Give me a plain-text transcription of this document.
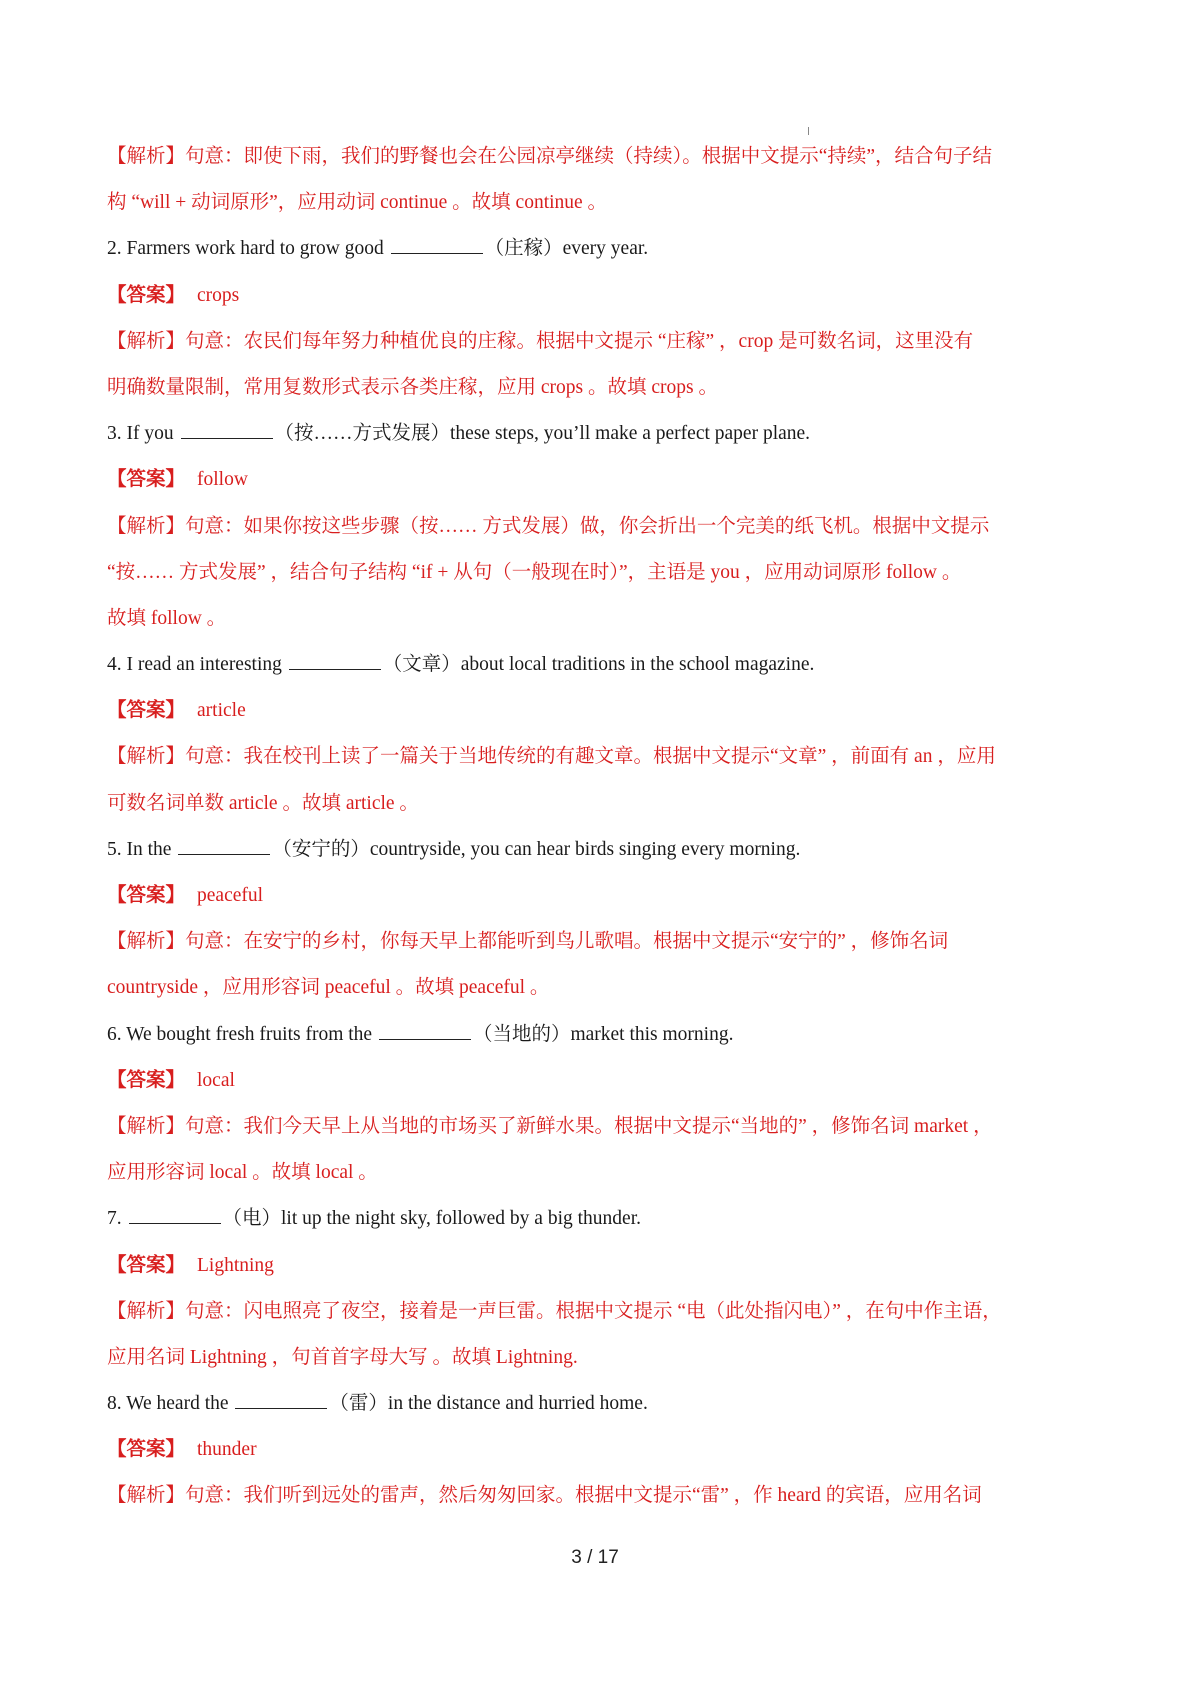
【解析】句意：即使下雨，我们的野餐也会在公园凉亭继续（持续）。根据中文提示“持续”，结合句子结
构 “will + 动词原形”，应用动词 continue 。故填 continue 。
2. Farmers work hard to grow good	（庄稼）every year.
【答案】 crops
【解析】句意：农民们每年努力种植优良的庄稼。根据中文提示 “庄稼” ，crop 是可数名词，这里没有
明确数量限制，常用复数形式表示各类庄稼，应用 crops 。故填 crops 。
3. If you	（按……方式发展）these steps, you’ll make a perfect paper plane.
【答案】 follow
【解析】句意：如果你按这些步骤（按…… 方式发展）做，你会折出一个完美的纸飞机。根据中文提示
“按…… 方式发展” ，结合句子结构 “if + 从句（一般现在时）”，主语是 you ，应用动词原形 follow 。
故填 follow 。
4. I read an interesting	（文章）about local traditions in the school magazine.
【答案】 article
【解析】句意：我在校刊上读了一篇关于当地传统的有趣文章。根据中文提示“文章” ，前面有 an ，应用
可数名词单数 article 。故填 article 。
5. In the	（安宁的）countryside, you can hear birds singing every morning.
【答案】 peaceful
【解析】句意：在安宁的乡村，你每天早上都能听到鸟儿歌唱。根据中文提示“安宁的” ，修饰名词
countryside ，应用形容词 peaceful 。故填 peaceful 。
6. We bought fresh fruits from the	（当地的）market this morning.
【答案】 local
【解析】句意：我们今天早上从当地的市场买了新鲜水果。根据中文提示“当地的” ，修饰名词 market ，
应用形容词 local 。故填 local 。
7.	（电）lit up the night sky, followed by a big thunder.
【答案】 Lightning
【解析】句意：闪电照亮了夜空，接着是一声巨雷。根据中文提示 “电（此处指闪电）” ，在句中作主语，
应用名词 Lightning ，句首首字母大写 。故填 Lightning.
8. We heard the	（雷）in the distance and hurried home.
【答案】 thunder
【解析】句意：我们听到远处的雷声，然后匆匆回家。根据中文提示“雷” ，作 heard 的宾语，应用名词
3 / 17
